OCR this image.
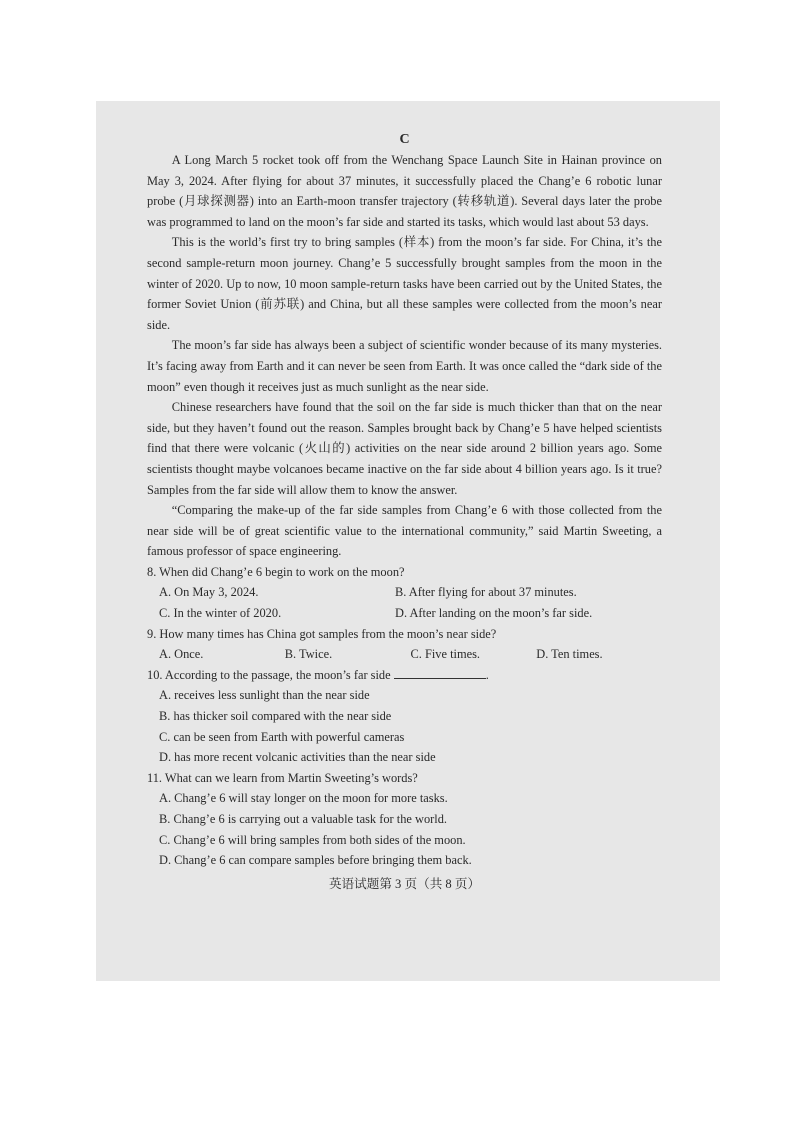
C

A Long March 5 rocket took off from the Wenchang Space Launch Site in Hainan province on May 3, 2024. After flying for about 37 minutes, it successfully placed the Chang’e 6 robotic lunar probe (月球探测器) into an Earth-moon transfer trajectory (转移轨道). Several days later the probe was programmed to land on the moon’s far side and started its tasks, which would last about 53 days.

This is the world’s first try to bring samples (样本) from the moon’s far side. For China, it’s the second sample-return moon journey. Chang’e 5 successfully brought samples from the moon in the winter of 2020. Up to now, 10 moon sample-return tasks have been carried out by the United States, the former Soviet Union (前苏联) and China, but all these samples were collected from the moon’s near side.

The moon’s far side has always been a subject of scientific wonder because of its many mysteries. It’s facing away from Earth and it can never be seen from Earth. It was once called the “dark side of the moon” even though it receives just as much sunlight as the near side.

Chinese researchers have found that the soil on the far side is much thicker than that on the near side, but they haven’t found out the reason. Samples brought back by Chang’e 5 have helped scientists find that there were volcanic (火山的) activities on the near side around 2 billion years ago. Some scientists thought maybe volcanoes became inactive on the far side about 4 billion years ago. Is it true? Samples from the far side will allow them to know the answer.

“Comparing the make-up of the far side samples from Chang’e 6 with those collected from the near side will be of great scientific value to the international community,” said Martin Sweeting, a famous professor of space engineering.

8. When did Chang’e 6 begin to work on the moon?

A. On May 3, 2024.	B. After flying for about 37 minutes.
C. In the winter of 2020.	D. After landing on the moon’s far side.

9. How many times has China got samples from the moon’s near side?

A. Once.	B. Twice.	C. Five times.	D. Ten times.

10. According to the passage, the moon’s far side	.

A. receives less sunlight than the near side
B. has thicker soil compared with the near side
C. can be seen from Earth with powerful cameras
D. has more recent volcanic activities than the near side

11. What can we learn from Martin Sweeting’s words?

A. Chang’e 6 will stay longer on the moon for more tasks.
B. Chang’e 6 is carrying out a valuable task for the world.
C. Chang’e 6 will bring samples from both sides of the moon.
D. Chang’e 6 can compare samples before bringing them back.
英语试题第 3 页（共 8 页）
